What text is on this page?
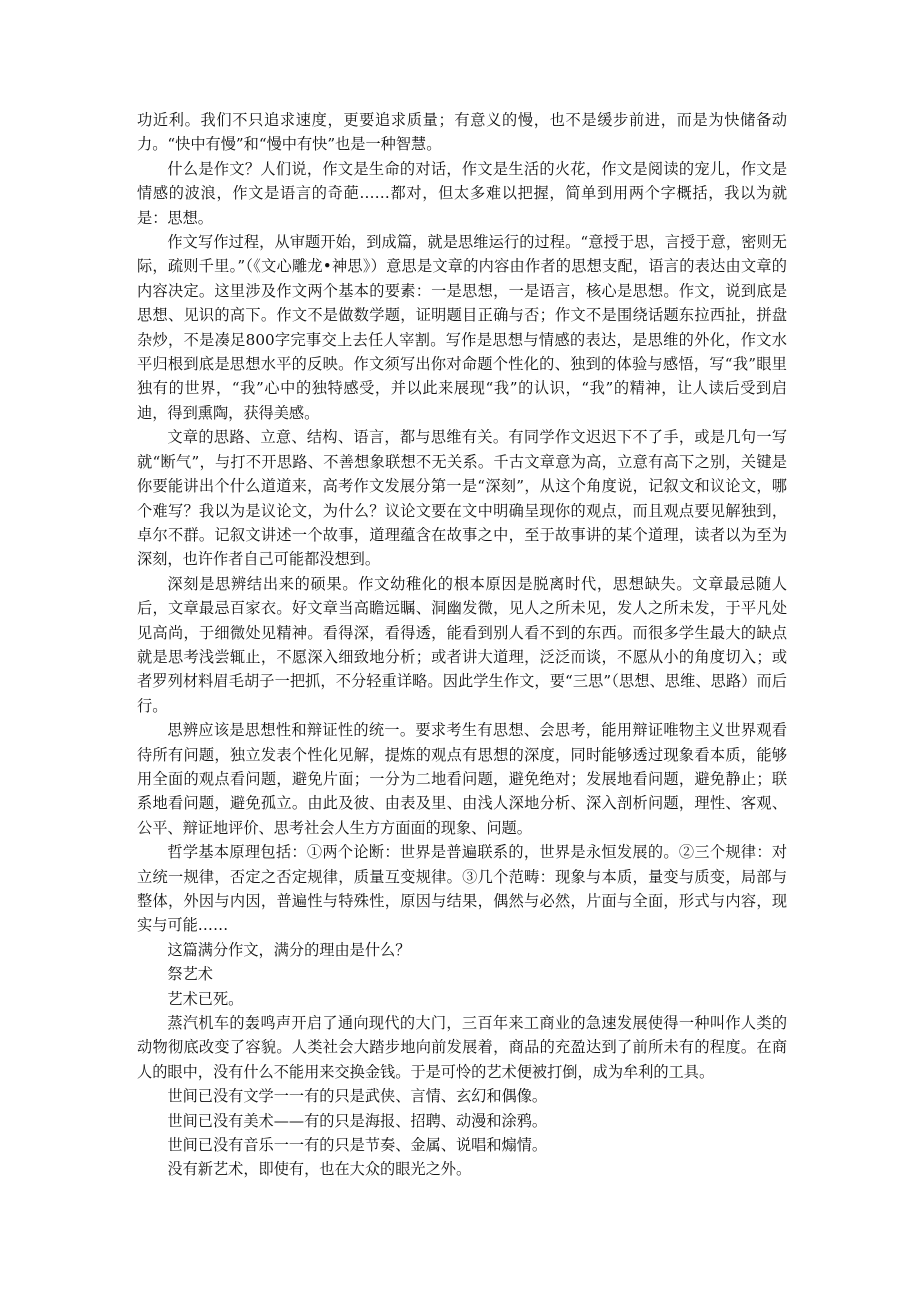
功近利。我们不只追求速度，更要追求质量；有意义的慢，也不是缓步前进，而是为快储备动力。“快中有慢”和“慢中有快”也是一种智慧。

什么是作文？人们说，作文是生命的对话，作文是生活的火花，作文是阅读的宠儿，作文是情感的波浪，作文是语言的奇葩……都对，但太多难以把握，简单到用两个字概括，我以为就是：思想。

作文写作过程，从审题开始，到成篇，就是思维运行的过程。“意授于思，言授于意，密则无际，疏则千里。”（《文心雕龙•神思》）意思是文章的内容由作者的思想支配，语言的表达由文章的内容决定。这里涉及作文两个基本的要素：一是思想，一是语言，核心是思想。作文，说到底是思想、见识的高下。作文不是做数学题，证明题目正确与否；作文不是围绕话题东拉西扯，拼盘杂炒，不是凑足800字完事交上去任人宰割。写作是思想与情感的表达，是思维的外化，作文水平归根到底是思想水平的反映。作文须写出你对命题个性化的、独到的体验与感悟，写“我”眼里独有的世界，“我”心中的独特感受，并以此来展现“我”的认识，“我”的精神，让人读后受到启迪，得到熏陶，获得美感。

文章的思路、立意、结构、语言，都与思维有关。有同学作文迟迟下不了手，或是几句一写就“断气”，与打不开思路、不善想象联想不无关系。千古文章意为高，立意有高下之别，关键是你要能讲出个什么道道来，高考作文发展分第一是“深刻”，从这个角度说，记叙文和议论文，哪个难写？我以为是议论文，为什么？议论文要在文中明确呈现你的观点，而且观点要见解独到，卓尔不群。记叙文讲述一个故事，道理蕴含在故事之中，至于故事讲的某个道理，读者以为至为深刻，也许作者自己可能都没想到。

深刻是思辨结出来的硕果。作文幼稚化的根本原因是脱离时代，思想缺失。文章最忌随人后，文章最忌百家衣。好文章当高瞻远瞩、洞幽发微，见人之所未见，发人之所未发，于平凡处见高尚，于细微处见精神。看得深，看得透，能看到别人看不到的东西。而很多学生最大的缺点就是思考浅尝辄止，不愿深入细致地分析；或者讲大道理，泛泛而谈，不愿从小的角度切入；或者罗列材料眉毛胡子一把抓，不分轻重详略。因此学生作文，要“三思”（思想、思维、思路）而后行。

思辨应该是思想性和辩证性的统一。要求考生有思想、会思考，能用辩证唯物主义世界观看待所有问题，独立发表个性化见解，提炼的观点有思想的深度，同时能够透过现象看本质，能够用全面的观点看问题，避免片面；一分为二地看问题，避免绝对；发展地看问题，避免静止；联系地看问题，避免孤立。由此及彼、由表及里、由浅人深地分析、深入剖析问题，理性、客观、公平、辩证地评价、思考社会人生方方面面的现象、问题。

哲学基本原理包括：①两个论断：世界是普遍联系的，世界是永恒发展的。②三个规律：对立统一规律，否定之否定规律，质量互变规律。③几个范畴：现象与本质，量变与质变，局部与整体，外因与内因，普遍性与特殊性，原因与结果，偶然与必然，片面与全面，形式与内容，现实与可能……

这篇满分作文，满分的理由是什么？

祭艺术

艺术已死。

蒸汽机车的轰鸣声开启了通向现代的大门，三百年来工商业的急速发展使得一种叫作人类的动物彻底改变了容貌。人类社会大踏步地向前发展着，商品的充盈达到了前所未有的程度。在商人的眼中，没有什么不能用来交换金钱。于是可怜的艺术便被打倒，成为牟利的工具。

世间已没有文学一一有的只是武侠、言情、玄幻和偶像。

世间已没有美术——有的只是海报、招聘、动漫和涂鸦。

世间已没有音乐一一有的只是节奏、金属、说唱和煽情。

没有新艺术，即使有，也在大众的眼光之外。
